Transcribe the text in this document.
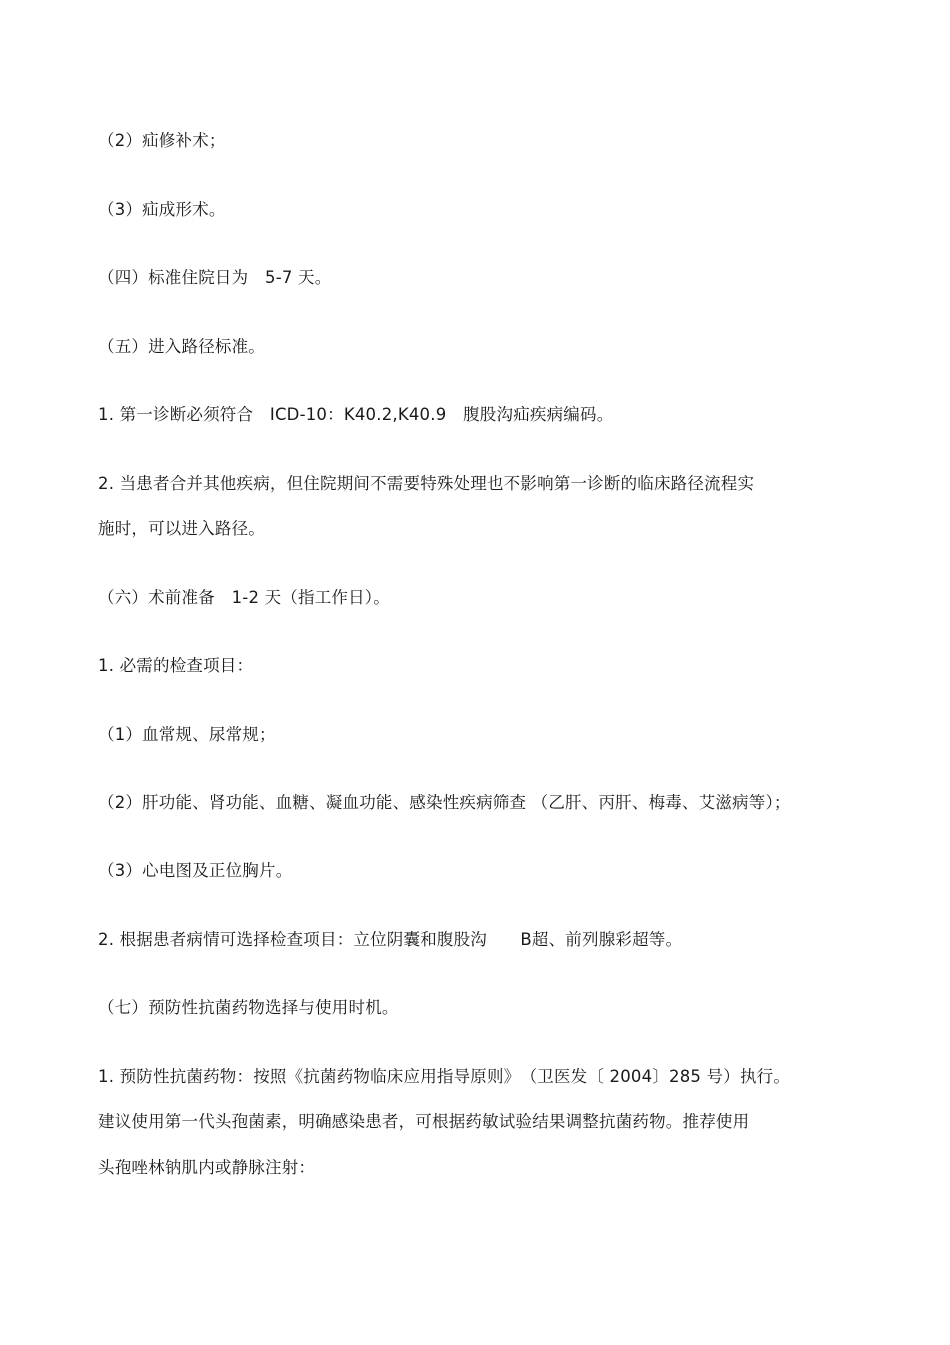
（2）疝修补术；

（3）疝成形术。

（四）标准住院日为　5-7 天。

（五）进入路径标准。

1. 第一诊断必须符合　ICD-10：K40.2,K40.9　腹股沟疝疾病编码。

2. 当患者合并其他疾病，但住院期间不需要特殊处理也不影响第一诊断的临床路径流程实

施时，可以进入路径。

（六）术前准备　1-2 天（指工作日）。

1. 必需的检查项目：

（1）血常规、尿常规；

（2）肝功能、肾功能、血糖、凝血功能、感染性疾病筛查 （乙肝、丙肝、梅毒、艾滋病等）；

（3）心电图及正位胸片。

2. 根据患者病情可选择检查项目：立位阴囊和腹股沟　　B超、前列腺彩超等。

（七）预防性抗菌药物选择与使用时机。

1. 预防性抗菌药物：按照《抗菌药物临床应用指导原则》　（卫医发〔 2004〕285 号）执行。

建议使用第一代头孢菌素，明确感染患者，可根据药敏试验结果调整抗菌药物。推荐使用

头孢唑林钠肌内或静脉注射：
